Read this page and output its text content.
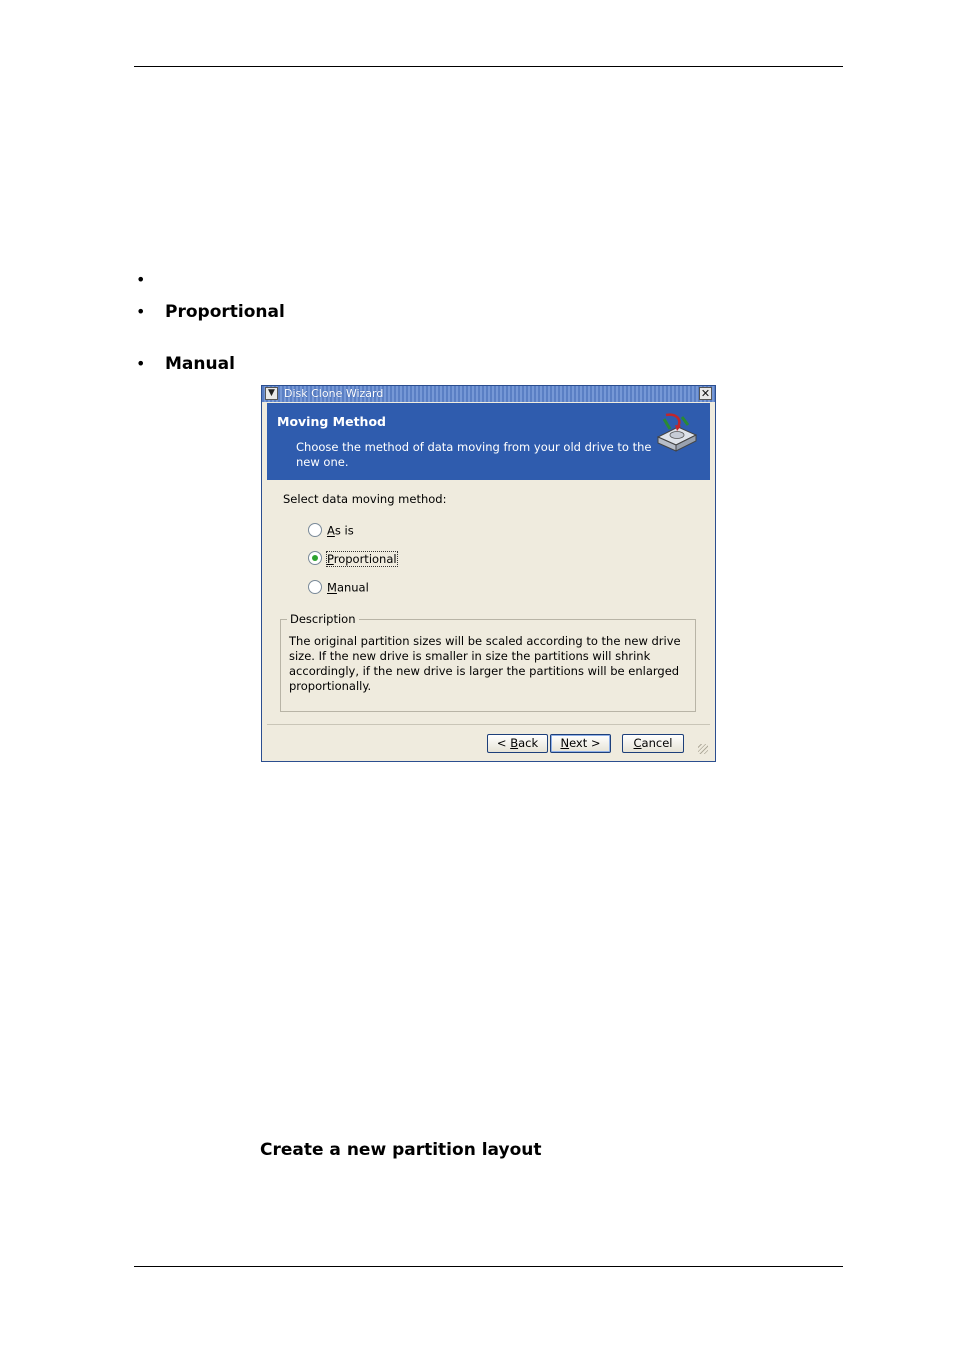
•
• Proportional
• Manual
▼ Disk Clone Wizard	✕
Moving Method
Choose the method of data moving from your old drive to the new one.
Select data moving method:
As is
Proportional
Manual
Description
The original partition sizes will be scaled according to the new drive size. If the new drive is smaller in size the partitions will shrink accordingly, if the new drive is larger the partitions will be enlarged proportionally.
< Back	Next >	Cancel
Create a new partition layout
